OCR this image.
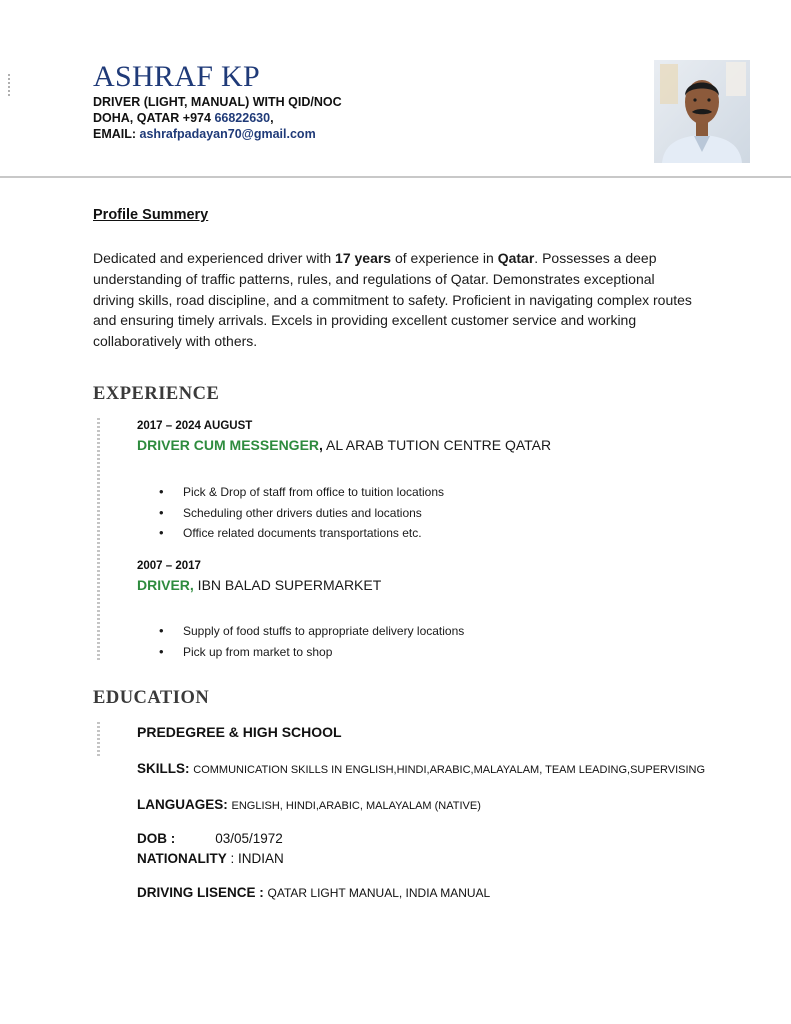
ASHRAF KP
DRIVER (LIGHT, MANUAL) WITH QID/NOC
DOHA, QATAR +974 66822630,
EMAIL: ashrafpadayan70@gmail.com
Profile Summery
Dedicated and experienced driver with 17 years of experience in Qatar. Possesses a deep understanding of traffic patterns, rules, and regulations of Qatar. Demonstrates exceptional driving skills, road discipline, and a commitment to safety. Proficient in navigating complex routes and ensuring timely arrivals. Excels in providing excellent customer service and working collaboratively with others.
EXPERIENCE
2017 – 2024 AUGUST
DRIVER CUM MESSENGER, AL ARAB TUTION CENTRE QATAR
• Pick & Drop of staff from office to tuition locations
• Scheduling other drivers duties and locations
• Office related documents transportations etc.
2007 – 2017
DRIVER, IBN BALAD SUPERMARKET
• Supply of food stuffs to appropriate delivery locations
• Pick up from market to shop
EDUCATION
PREDEGREE & HIGH SCHOOL
SKILLS: COMMUNICATION SKILLS IN ENGLISH,HINDI,ARABIC,MALAYALAM, TEAM LEADING,SUPERVISING
LANGUAGES: ENGLISH, HINDI,ARABIC, MALAYALAM (NATIVE)
DOB :	03/05/1972
NATIONALITY : INDIAN
DRIVING LISENCE : QATAR LIGHT MANUAL, INDIA MANUAL
